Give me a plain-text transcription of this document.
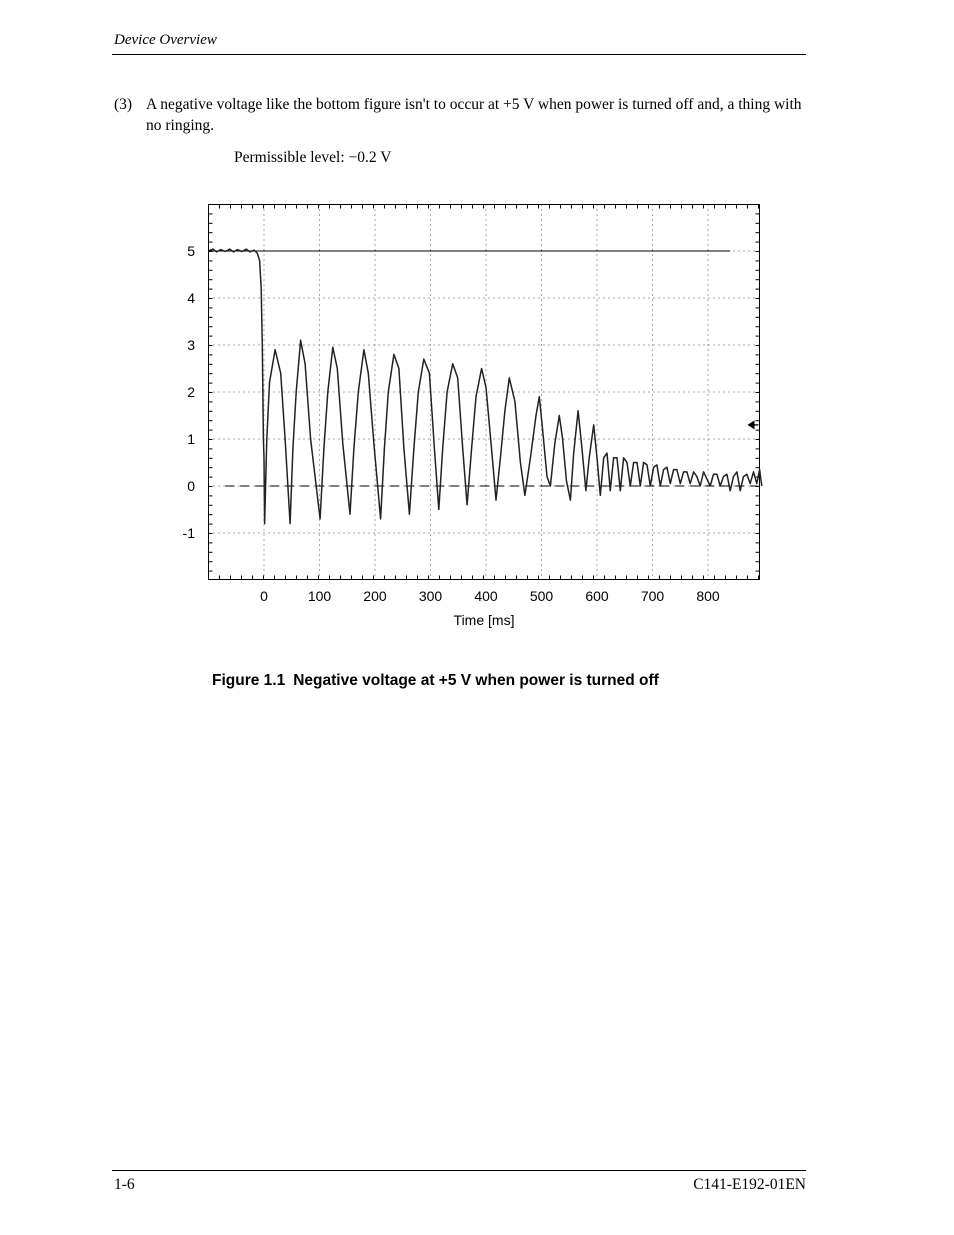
Device Overview
(3) A negative voltage like the bottom figure isn't to occur at +5 V when power is turned off and, a thing with no ringing.
Permissible level: −0.2 V
5
4
3
2
1
0
-1
0	100 200 300 400 500 600 700 800
Time [ms]
Figure 1.1 Negative voltage at +5 V when power is turned off
1-6	C141-E192-01EN
